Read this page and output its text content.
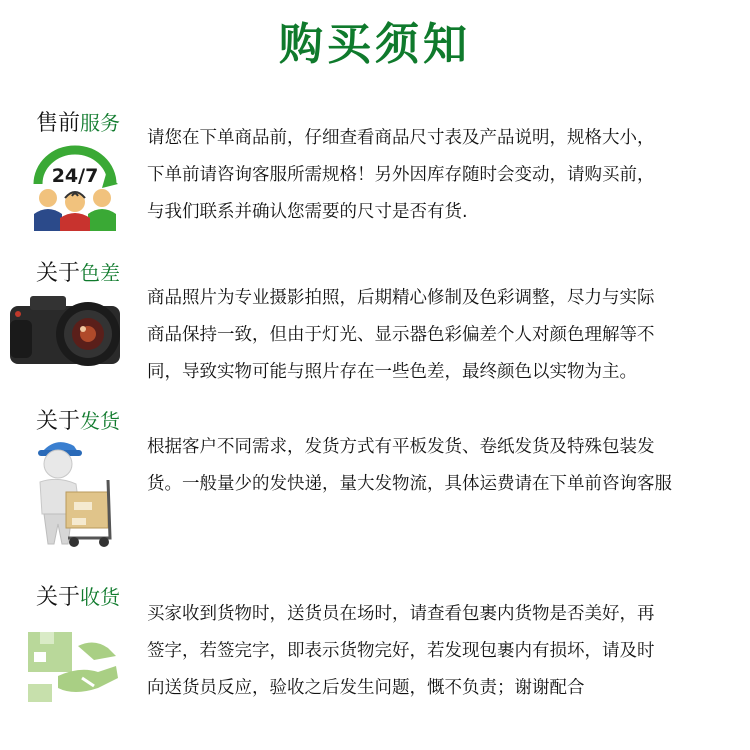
购买须知
售前服务
24/7
请您在下单商品前，仔细查看商品尺寸表及产品说明，规格大小，
下单前请咨询客服所需规格！另外因库存随时会变动，请购买前，
与我们联系并确认您需要的尺寸是否有货.
关于色差
商品照片为专业摄影拍照，后期精心修制及色彩调整，尽力与实际
商品保持一致，但由于灯光、显示器色彩偏差个人对颜色理解等不
同，导致实物可能与照片存在一些色差，最终颜色以实物为主。
关于发货
根据客户不同需求，发货方式有平板发货、卷纸发货及特殊包装发
货。一般量少的发快递，量大发物流，具体运费请在下单前咨询客服
关于收货
买家收到货物时，送货员在场时，请查看包裹内货物是否美好，再
签字，若签完字，即表示货物完好，若发现包裹内有损坏，请及时
向送货员反应，验收之后发生问题，慨不负责；谢谢配合
